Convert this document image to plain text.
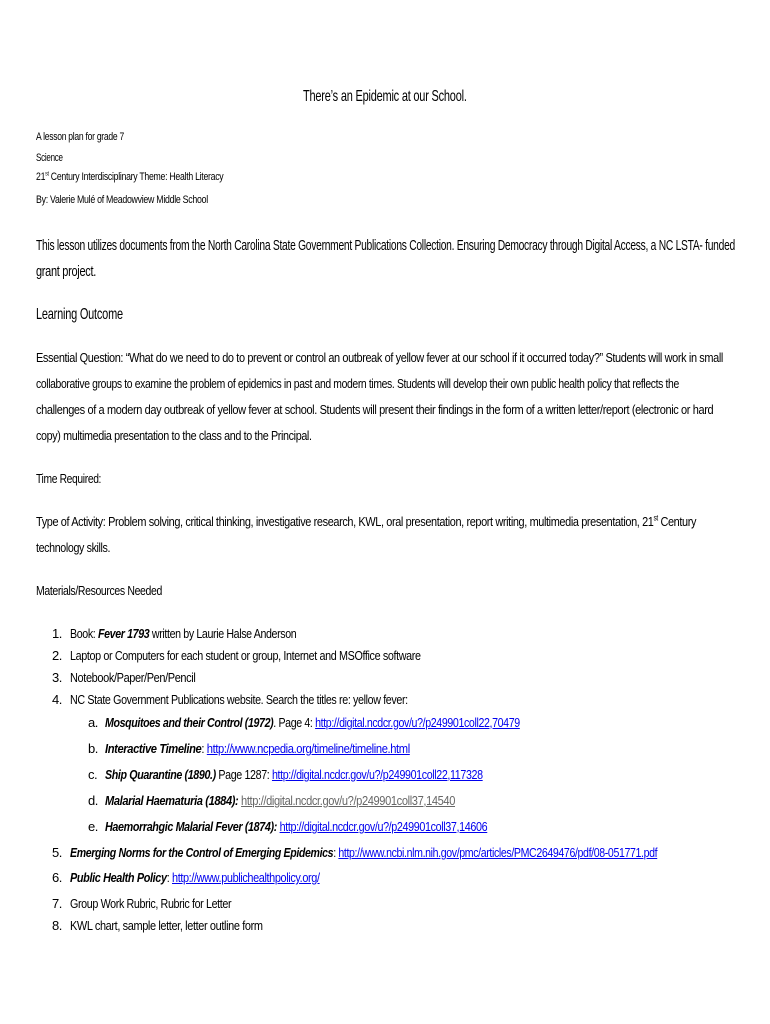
There’s an Epidemic at our School.
A lesson plan for grade 7
Science
21st Century Interdisciplinary Theme: Health Literacy
By: Valerie Mulé of Meadowview Middle School
This lesson utilizes documents from the North Carolina State Government Publications Collection. Ensuring Democracy through Digital Access, a NC LSTA- funded
grant project.
Learning Outcome
Essential Question: “What do we need to do to prevent or control an outbreak of yellow fever at our school if it occurred today?” Students will work in small
collaborative groups to examine the problem of epidemics in past and modern times. Students will develop their own public health policy that reflects the
challenges of a modern day outbreak of yellow fever at school. Students will present their findings in the form of a written letter/report (electronic or hard
copy) multimedia presentation to the class and to the Principal.
Time Required:
Type of Activity: Problem solving, critical thinking, investigative research, KWL, oral presentation, report writing, multimedia presentation, 21st Century
technology skills.
Materials/Resources Needed
1. Book: Fever 1793 written by Laurie Halse Anderson
2. Laptop or Computers for each student or group, Internet and MSOffice software
3. Notebook/Paper/Pen/Pencil
4. NC State Government Publications website. Search the titles re: yellow fever:
a. Mosquitoes and their Control (1972). Page 4: http://digital.ncdcr.gov/u?/p249901coll22,70479
b. Interactive Timeline: http://www.ncpedia.org/timeline/timeline.html
c. Ship Quarantine (1890.) Page 1287: http://digital.ncdcr.gov/u?/p249901coll22,117328
d. Malarial Haematuria (1884): http://digital.ncdcr.gov/u?/p249901coll37,14540
e. Haemorrahgic Malarial Fever (1874): http://digital.ncdcr.gov/u?/p249901coll37,14606
5. Emerging Norms for the Control of Emerging Epidemics: http://www.ncbi.nlm.nih.gov/pmc/articles/PMC2649476/pdf/08-051771.pdf
6. Public Health Policy: http://www.publichealthpolicy.org/
7. Group Work Rubric, Rubric for Letter
8. KWL chart, sample letter, letter outline form
